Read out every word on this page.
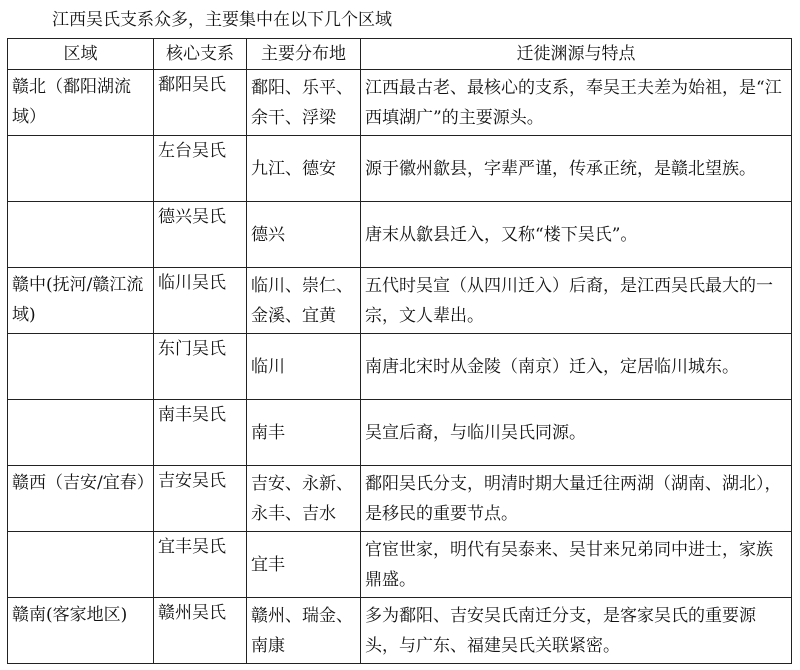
江西吴氏支系众多，主要集中在以下几个区域
区域	核心支系	主要分布地	迁徙渊源与特点
赣北（鄱阳湖流域）	鄱阳吴氏	鄱阳、乐平、余干、浮梁	江西最古老、最核心的支系，奉吴王夫差为始祖，是“江西填湖广”的主要源头。
	左台吴氏	九江、德安	源于徽州歙县，字辈严谨，传承正统，是赣北望族。
	德兴吴氏	德兴	唐末从歙县迁入，又称“楼下吴氏”。
赣中(抚河/赣江流域)	临川吴氏	临川、崇仁、金溪、宜黄	五代时吴宣（从四川迁入）后裔，是江西吴氏最大的一宗，文人辈出。
	东门吴氏	临川	南唐北宋时从金陵（南京）迁入，定居临川城东。
	南丰吴氏	南丰	吴宣后裔，与临川吴氏同源。
赣西（吉安/宜春）	吉安吴氏	吉安、永新、永丰、吉水	鄱阳吴氏分支，明清时期大量迁往两湖（湖南、湖北），是移民的重要节点。
	宜丰吴氏	宜丰	官宦世家，明代有吴泰来、吴甘来兄弟同中进士，家族鼎盛。
赣南(客家地区)	赣州吴氏	赣州、瑞金、南康	多为鄱阳、吉安吴氏南迁分支，是客家吴氏的重要源头，与广东、福建吴氏关联紧密。
